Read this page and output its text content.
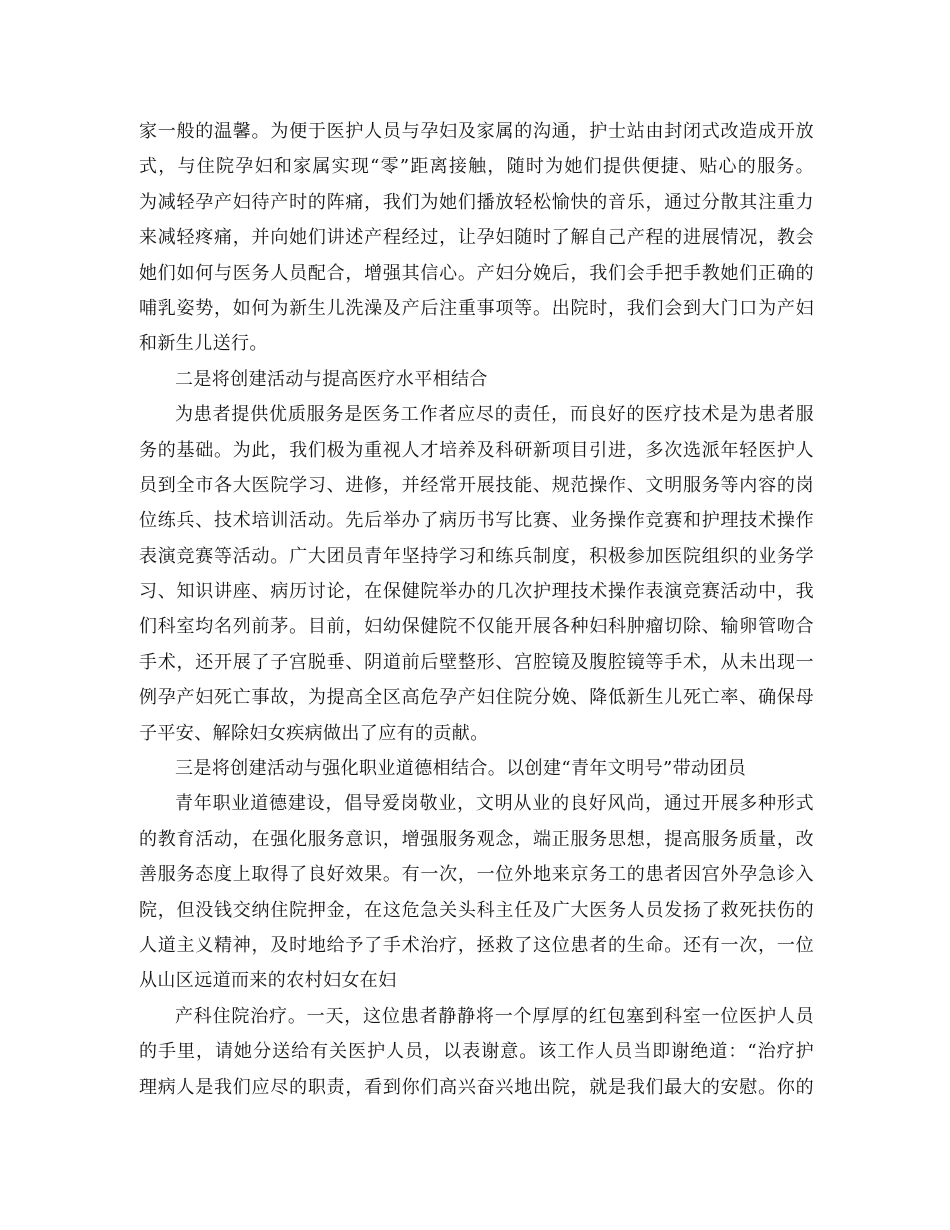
家一般的温馨。为便于医护人员与孕妇及家属的沟通，护士站由封闭式改造成开放
式，与住院孕妇和家属实现“零”距离接触，随时为她们提供便捷、贴心的服务。
为减轻孕产妇待产时的阵痛，我们为她们播放轻松愉快的音乐，通过分散其注重力
来减轻疼痛，并向她们讲述产程经过，让孕妇随时了解自己产程的进展情况，教会
她们如何与医务人员配合，增强其信心。产妇分娩后，我们会手把手教她们正确的
哺乳姿势，如何为新生儿洗澡及产后注重事项等。出院时，我们会到大门口为产妇
和新生儿送行。
二是将创建活动与提高医疗水平相结合
为患者提供优质服务是医务工作者应尽的责任，而良好的医疗技术是为患者服
务的基础。为此，我们极为重视人才培养及科研新项目引进，多次选派年轻医护人
员到全市各大医院学习、进修，并经常开展技能、规范操作、文明服务等内容的岗
位练兵、技术培训活动。先后举办了病历书写比赛、业务操作竞赛和护理技术操作
表演竞赛等活动。广大团员青年坚持学习和练兵制度，积极参加医院组织的业务学
习、知识讲座、病历讨论，在保健院举办的几次护理技术操作表演竞赛活动中，我
们科室均名列前茅。目前，妇幼保健院不仅能开展各种妇科肿瘤切除、输卵管吻合
手术，还开展了子宫脱垂、阴道前后壁整形、宫腔镜及腹腔镜等手术，从未出现一
例孕产妇死亡事故，为提高全区高危孕产妇住院分娩、降低新生儿死亡率、确保母
子平安、解除妇女疾病做出了应有的贡献。
三是将创建活动与强化职业道德相结合。以创建“青年文明号”带动团员
青年职业道德建设，倡导爱岗敬业，文明从业的良好风尚，通过开展多种形式
的教育活动，在强化服务意识，增强服务观念，端正服务思想，提高服务质量，改
善服务态度上取得了良好效果。有一次，一位外地来京务工的患者因宫外孕急诊入
院，但没钱交纳住院押金，在这危急关头科主任及广大医务人员发扬了救死扶伤的
人道主义精神，及时地给予了手术治疗，拯救了这位患者的生命。还有一次，一位
从山区远道而来的农村妇女在妇
产科住院治疗。一天，这位患者静静将一个厚厚的红包塞到科室一位医护人员
的手里，请她分送给有关医护人员，以表谢意。该工作人员当即谢绝道：“治疗护
理病人是我们应尽的职责，看到你们高兴奋兴地出院，就是我们最大的安慰。你的
